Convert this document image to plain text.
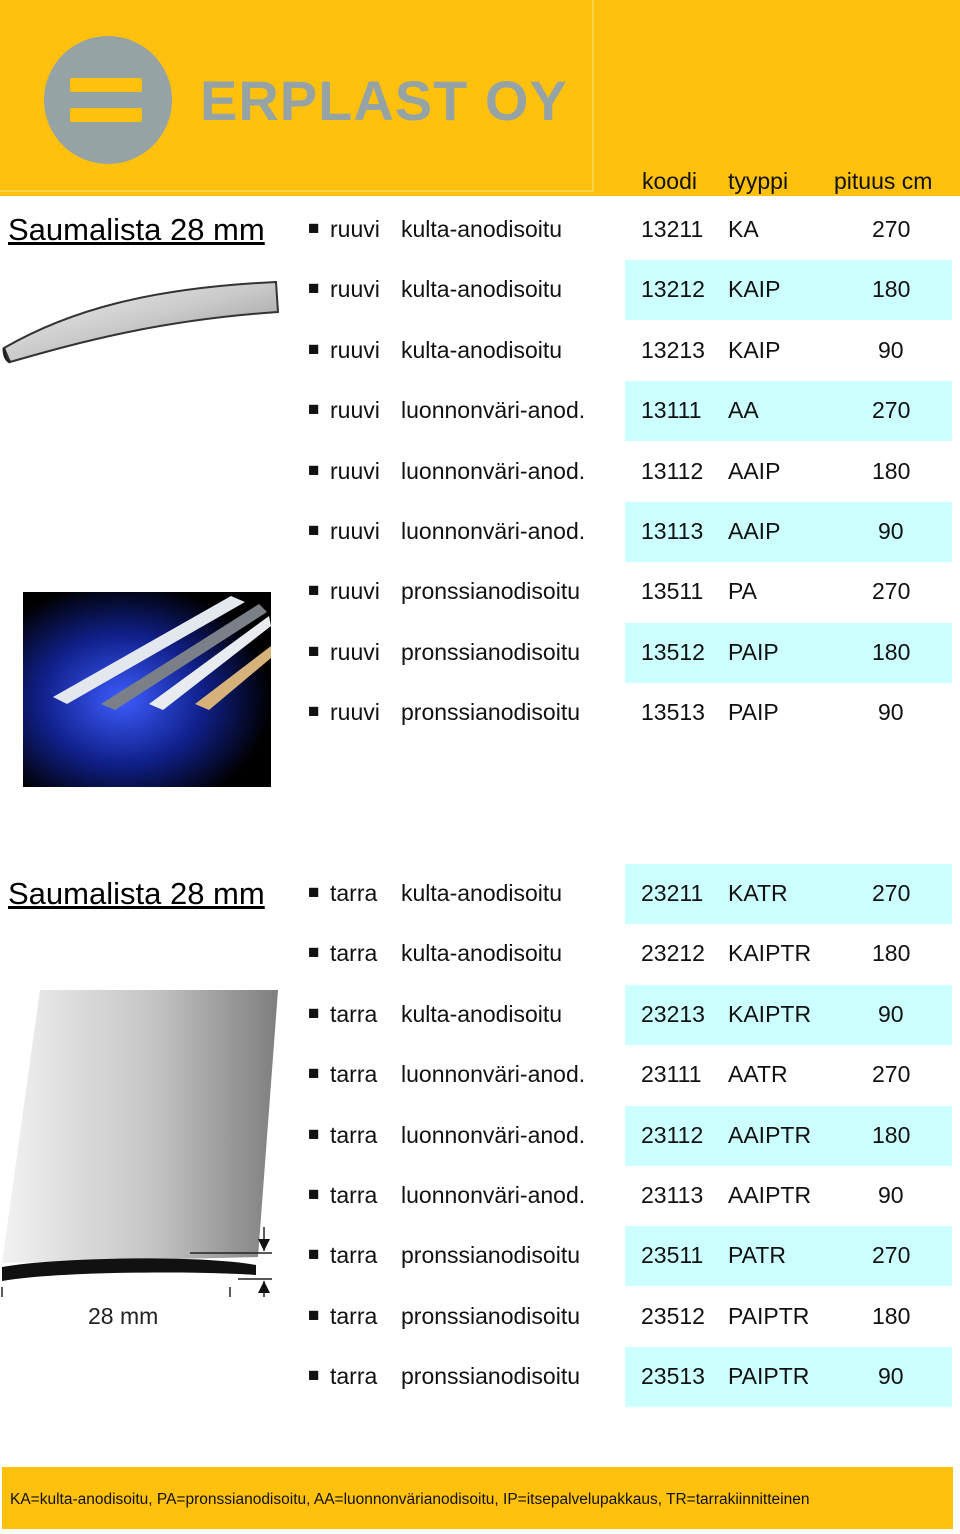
ERPLAST OY
koodi tyyppi pituus cm
Saumalista 28 mm ■ ruuvi kulta-anodisoitu	13211 KA	270
■ ruuvi kulta-anodisoitu	13212 KAIP	180
■ ruuvi kulta-anodisoitu	13213 KAIP	90
■ ruuvi luonnonväri-anod. 13111 AA	270
■ ruuvi luonnonväri-anod. 13112 AAIP	180
■ ruuvi luonnonväri-anod. 13113 AAIP	90
■ ruuvi pronssianodisoitu	13511 PA	270
■ ruuvi pronssianodisoitu	13512 PAIP	180
■ ruuvi pronssianodisoitu	13513 PAIP	90
Saumalista 28 mm ■ tarra kulta-anodisoitu	23211 KATR	270
■ tarra kulta-anodisoitu	23212 KAIPTR	180
■ tarra kulta-anodisoitu	23213 KAIPTR	90
■ tarra luonnonväri-anod. 23111 AATR	270
■ tarra luonnonväri-anod. 23112 AAIPTR	180
■ tarra luonnonväri-anod. 23113 AAIPTR	90
■ tarra pronssianodisoitu	23511 PATR	270
■ tarra pronssianodisoitu	23512 PAIPTR	180
■ tarra pronssianodisoitu	23513 PAIPTR	90
28 mm
KA=kulta-anodisoitu, PA=pronssianodisoitu, AA=luonnonvärianodisoitu, IP=itsepalvelupakkaus, TR=tarrakiinnitteinen
